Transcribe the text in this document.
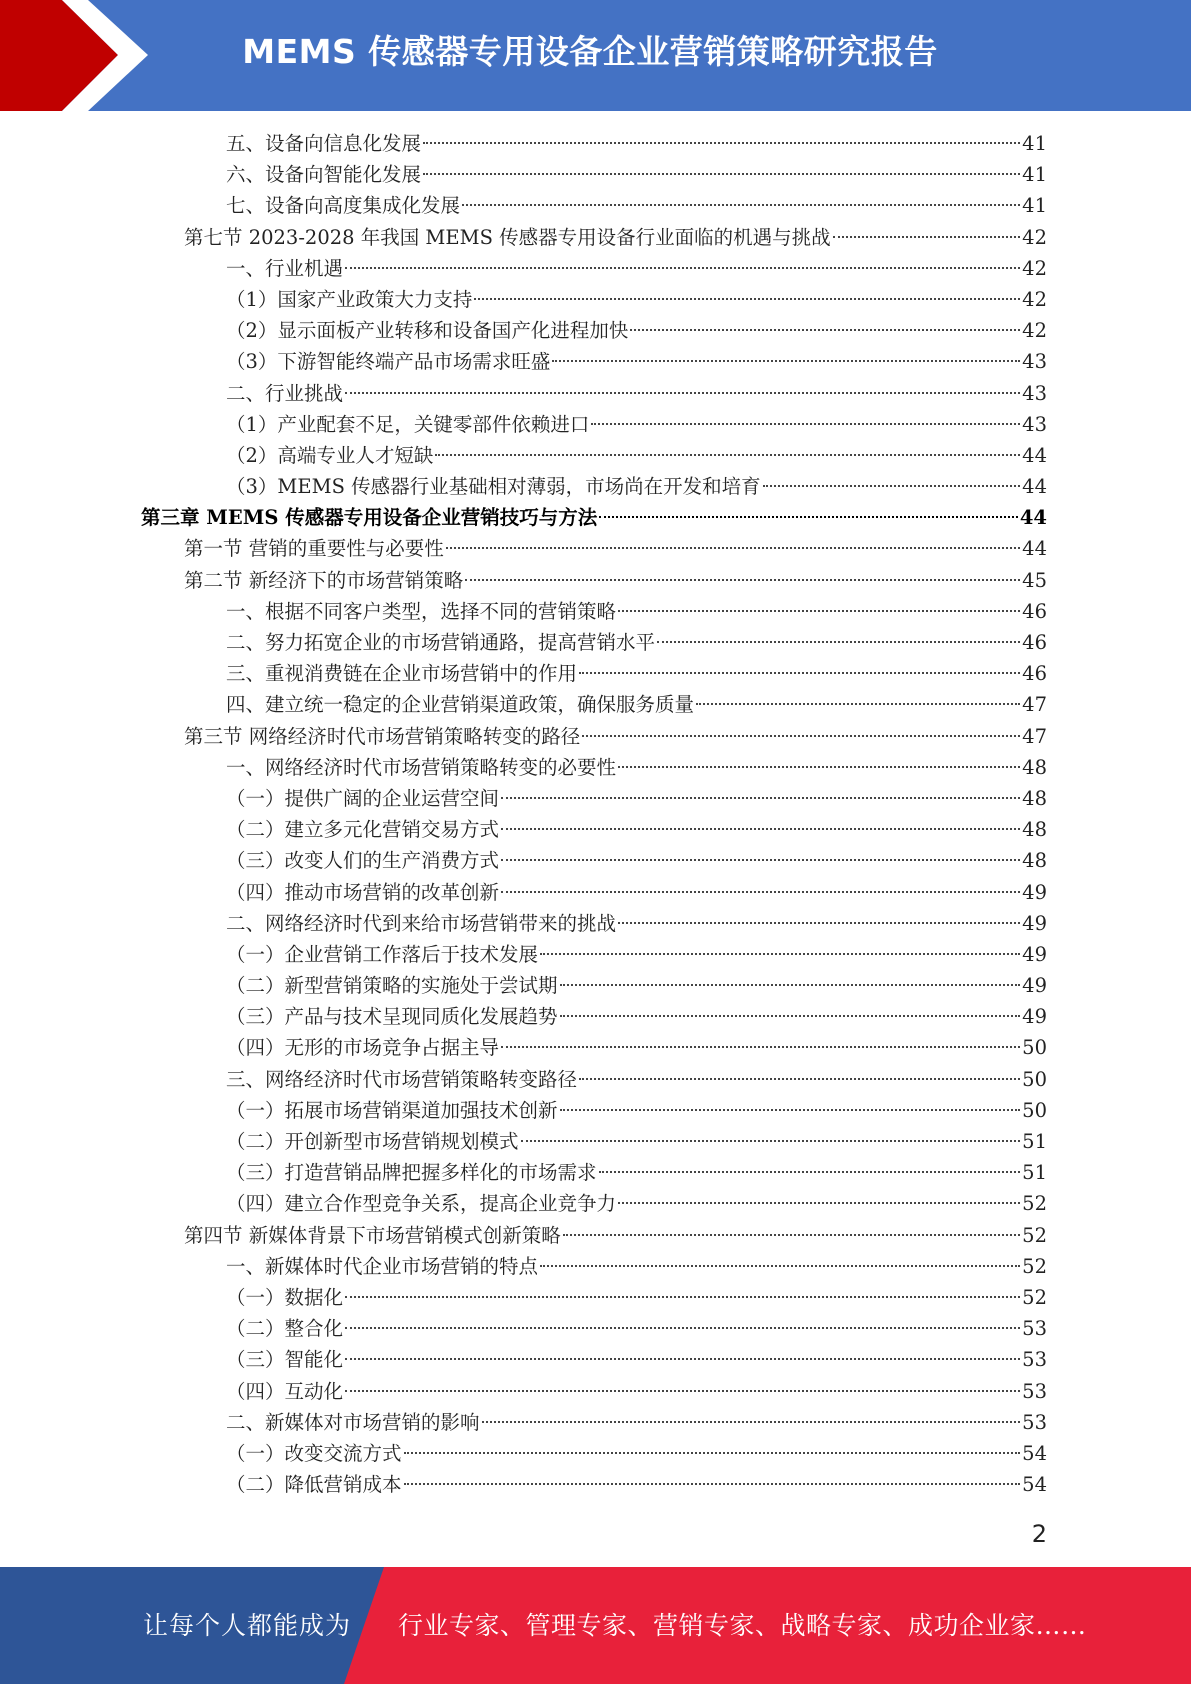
MEMS 传感器专用设备企业营销策略研究报告
五、设备向信息化发展	41
六、设备向智能化发展	41
七、设备向高度集成化发展	41
第七节 2023-2028 年我国 MEMS 传感器专用设备行业面临的机遇与挑战	42
一、行业机遇	42
（1）国家产业政策大力支持	42
（2）显示面板产业转移和设备国产化进程加快	42
（3）下游智能终端产品市场需求旺盛	43
二、行业挑战	43
（1）产业配套不足，关键零部件依赖进口	43
（2）高端专业人才短缺	44
（3）MEMS 传感器行业基础相对薄弱，市场尚在开发和培育	44
第三章 MEMS 传感器专用设备企业营销技巧与方法	44
第一节 营销的重要性与必要性	44
第二节 新经济下的市场营销策略	45
一、根据不同客户类型，选择不同的营销策略	46
二、努力拓宽企业的市场营销通路，提高营销水平	46
三、重视消费链在企业市场营销中的作用	46
四、建立统一稳定的企业营销渠道政策，确保服务质量	47
第三节 网络经济时代市场营销策略转变的路径	47
一、网络经济时代市场营销策略转变的必要性	48
（一）提供广阔的企业运营空间	48
（二）建立多元化营销交易方式	48
（三）改变人们的生产消费方式	48
（四）推动市场营销的改革创新	49
二、网络经济时代到来给市场营销带来的挑战	49
（一）企业营销工作落后于技术发展	49
（二）新型营销策略的实施处于尝试期	49
（三）产品与技术呈现同质化发展趋势	49
（四）无形的市场竞争占据主导	50
三、网络经济时代市场营销策略转变路径	50
（一）拓展市场营销渠道加强技术创新	50
（二）开创新型市场营销规划模式	51
（三）打造营销品牌把握多样化的市场需求	51
（四）建立合作型竞争关系，提高企业竞争力	52
第四节 新媒体背景下市场营销模式创新策略	52
一、新媒体时代企业市场营销的特点	52
（一）数据化	52
（二）整合化	53
（三）智能化	53
（四）互动化	53
二、新媒体对市场营销的影响	53
（一）改变交流方式	54
（二）降低营销成本	54
2
让每个人都能成为 行业专家、管理专家、营销专家、战略专家、成功企业家……
